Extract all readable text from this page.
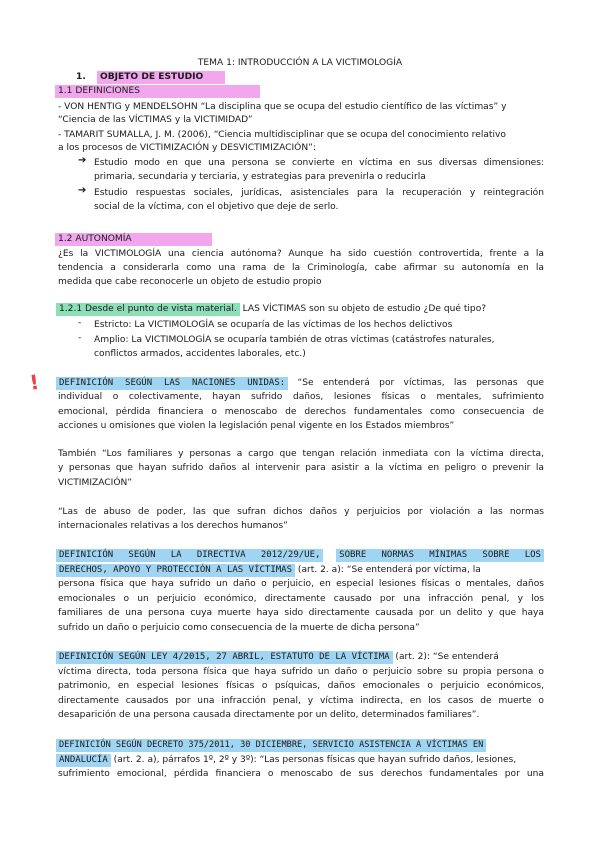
TEMA 1: INTRODUCCIÓN A LA VICTIMOLOGÍA
1. OBJETO DE ESTUDIO
1.1 DEFINICIONES
- VON HENTIG y MENDELSOHN “La disciplina que se ocupa del estudio científico de las víctimas” y
“Ciencia de las VÍCTIMAS y la VICTIMIDAD”
- TAMARIT SUMALLA, J. M. (2006), “Ciencia multidisciplinar que se ocupa del conocimiento relativo
a los procesos de VICTIMIZACIÓN y DESVICTIMIZACIÓN”:
➔ Estudio modo en que una persona se convierte en víctima en sus diversas dimensiones:
primaria, secundaria y terciaria, y estrategias para prevenirla o reducirla
➔ Estudio respuestas sociales, jurídicas, asistenciales para la recuperación y reintegración
social de la víctima, con el objetivo que deje de serlo.
1.2 AUTONOMÍA
¿Es la VICTIMOLOGÍA una ciencia autónoma? Aunque ha sido cuestión controvertida, frente a la
tendencia a considerarla como una rama de la Criminología, cabe afirmar su autonomía en la
medida que cabe reconocerle un objeto de estudio propio
1.2.1 Desde el punto de vista material. LAS VÍCTIMAS son su objeto de estudio ¿De qué tipo?
- Estricto: La VICTIMOLOGÍA se ocuparía de las víctimas de los hechos delictivos
- Amplio: La VICTIMOLOGÍA se ocuparía también de otras víctimas (catástrofes naturales,
conflictos armados, accidentes laborales, etc.)
!	DEFINICIÓN SEGÚN LAS NACIONES UNIDAS: “Se entenderá por víctimas, las personas que
individual o colectivamente, hayan sufrido daños, lesiones físicas o mentales, sufrimiento
emocional, pérdida financiera o menoscabo de derechos fundamentales como consecuencia de
acciones u omisiones que violen la legislación penal vigente en los Estados miembros”
También “Los familiares y personas a cargo que tengan relación inmediata con la víctima directa,
y personas que hayan sufrido daños al intervenir para asistir a la víctima en peligro o prevenir la
VICTIMIZACIÓN”
“Las de abuso de poder, las que sufran dichos daños y perjuicios por violación a las normas
internacionales relativas a los derechos humanos”
DEFINICIÓN SEGÚN LA DIRECTIVA 2012/29/UE, SOBRE NORMAS MÍNIMAS SOBRE LOS
DERECHOS, APOYO Y PROTECCIÓN A LAS VÍCTIMAS (art. 2. a): “Se entenderá por víctima, la
persona física que haya sufrido un daño o perjuicio, en especial lesiones físicas o mentales, daños
emocionales o un perjuicio económico, directamente causado por una infracción penal, y los
familiares de una persona cuya muerte haya sido directamente causada por un delito y que haya
sufrido un daño o perjuicio como consecuencia de la muerte de dicha persona”
DEFINICIÓN SEGÚN LEY 4/2015, 27 ABRIL, ESTATUTO DE LA VÍCTIMA (art. 2): “Se entenderá
víctima directa, toda persona física que haya sufrido un daño o perjuicio sobre su propia persona o
patrimonio, en especial lesiones físicas o psíquicas, daños emocionales o perjuicio económicos,
directamente causados por una infracción penal, y víctima indirecta, en los casos de muerte o
desaparición de una persona causada directamente por un delito, determinados familiares”.
DEFINICIÓN SEGÚN DECRETO 375/2011, 30 DICIEMBRE, SERVICIO ASISTENCIA A VÍCTIMAS EN
ANDALUCÍA (art. 2. a), párrafos 1º, 2º y 3º): “Las personas físicas que hayan sufrido daños, lesiones,
sufrimiento emocional, pérdida financiera o menoscabo de sus derechos fundamentales por una
